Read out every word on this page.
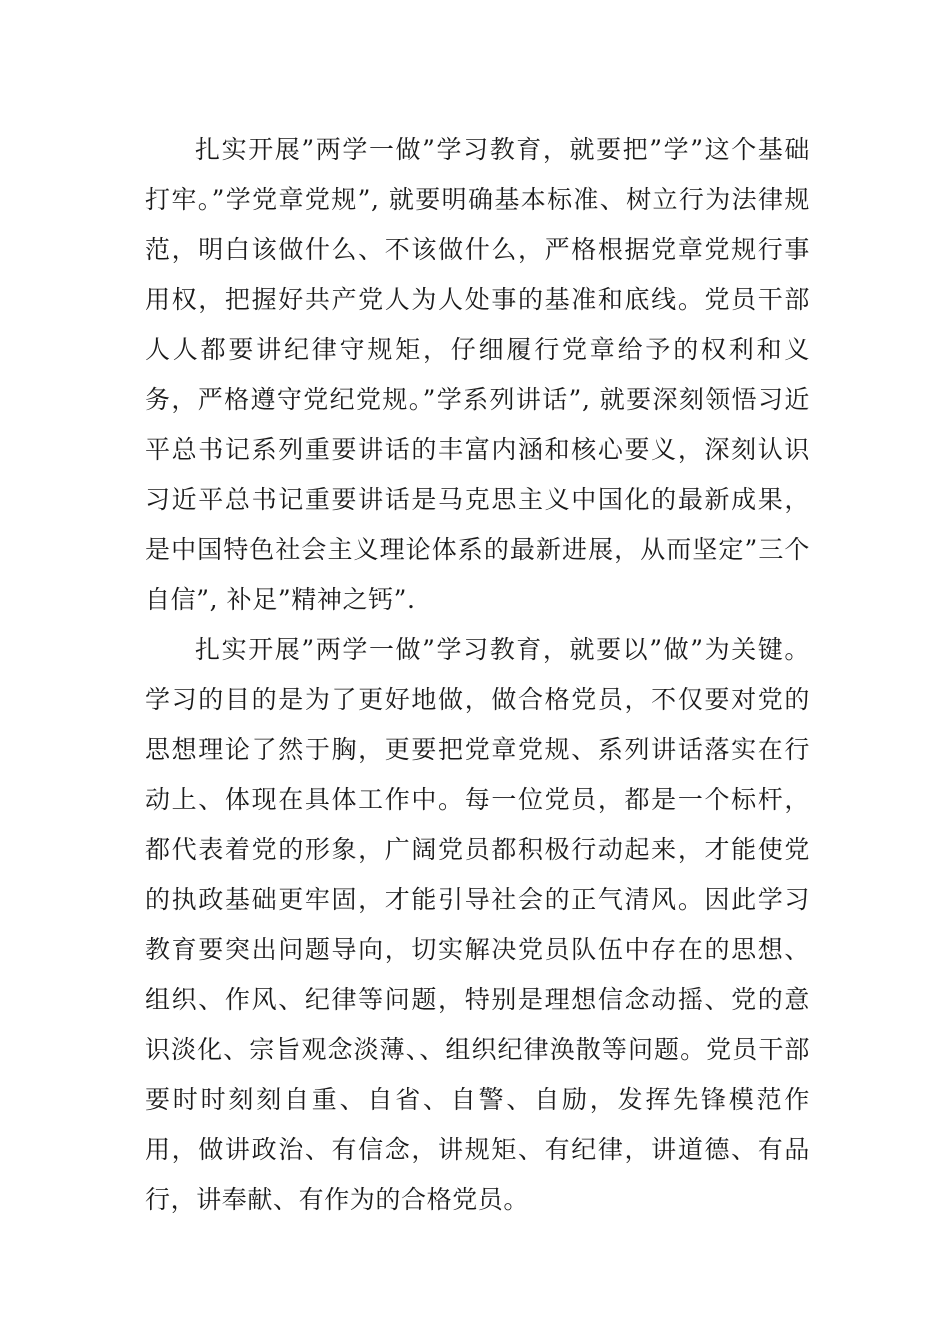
扎实开展”两学一做”学习教育，就要把”学”这个基础打牢。”学党章党规”, 就要明确基本标准、树立行为法律规范，明白该做什么、不该做什么，严格根据党章党规行事用权，把握好共产党人为人处事的基准和底线。党员干部人人都要讲纪律守规矩，仔细履行党章给予的权利和义务，严格遵守党纪党规。”学系列讲话”, 就要深刻领悟习近平总书记系列重要讲话的丰富内涵和核心要义，深刻认识习近平总书记重要讲话是马克思主义中国化的最新成果，是中国特色社会主义理论体系的最新进展，从而坚定”三个自信”, 补足”精神之钙”.

扎实开展”两学一做”学习教育，就要以”做”为关键。学习的目的是为了更好地做，做合格党员，不仅要对党的思想理论了然于胸，更要把党章党规、系列讲话落实在行动上、体现在具体工作中。每一位党员，都是一个标杆，都代表着党的形象，广阔党员都积极行动起来，才能使党的执政基础更牢固，才能引导社会的正气清风。因此学习教育要突出问题导向，切实解决党员队伍中存在的思想、组织、作风、纪律等问题，特别是理想信念动摇、党的意识淡化、宗旨观念淡薄、、组织纪律涣散等问题。党员干部要时时刻刻自重、自省、自警、自励，发挥先锋模范作用，做讲政治、有信念，讲规矩、有纪律，讲道德、有品行，讲奉献、有作为的合格党员。
